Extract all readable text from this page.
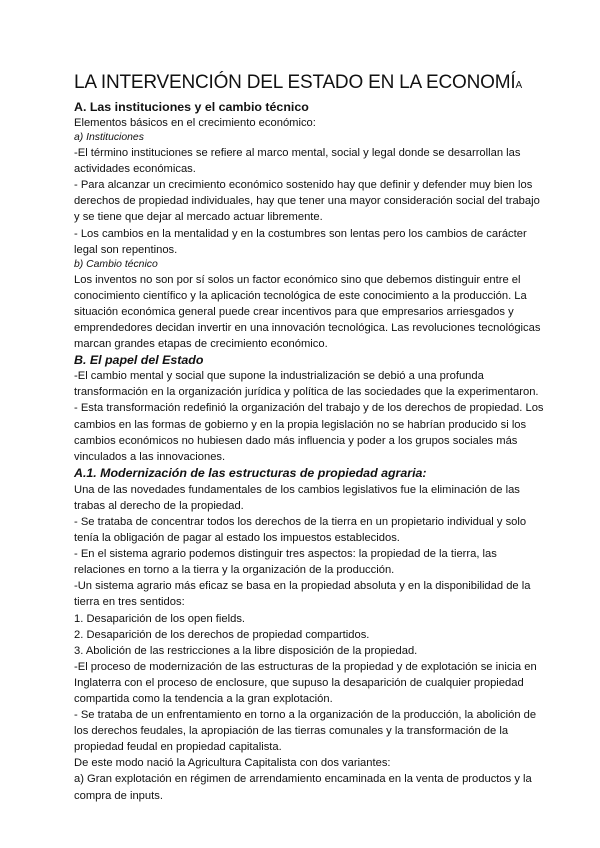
LA INTERVENCIÓN DEL ESTADO EN LA ECONOMÍA
A. Las instituciones y el cambio técnico

Elementos básicos en el crecimiento económico:

a) Instituciones

-El término instituciones se refiere al marco mental, social y legal donde se desarrollan las actividades económicas.

- Para alcanzar un crecimiento económico sostenido hay que definir y defender muy bien los derechos de propiedad individuales, hay que tener una mayor consideración social del trabajo y se tiene que dejar al mercado actuar libremente.

- Los cambios en la mentalidad y en la costumbres son lentas pero los cambios de carácter legal son repentinos.

b) Cambio técnico

Los inventos no son por sí solos un factor económico sino que debemos distinguir entre el conocimiento científico y la aplicación tecnológica de este conocimiento a la producción. La situación económica general puede crear incentivos para que empresarios arriesgados y emprendedores decidan invertir en una innovación tecnológica. Las revoluciones tecnológicas marcan grandes etapas de crecimiento económico.

B. El papel del Estado

-El cambio mental y social que supone la industrialización se debió a una profunda transformación en la organización jurídica y política de las sociedades que la experimentaron.

- Esta transformación redefinió la organización del trabajo y de los derechos de propiedad. Los cambios en las formas de gobierno y en la propia legislación no se habrían producido si los cambios económicos no hubiesen dado más influencia y poder a los grupos sociales más vinculados a las innovaciones.

A.1. Modernización de las estructuras de propiedad agraria:

Una de las novedades fundamentales de los cambios legislativos fue la eliminación de las trabas al derecho de la propiedad.

- Se trataba de concentrar todos los derechos de la tierra en un propietario individual y solo tenía la obligación de pagar al estado los impuestos establecidos.

- En el sistema agrario podemos distinguir tres aspectos: la propiedad de la tierra, las relaciones en torno a la tierra y la organización de la producción.

-Un sistema agrario más eficaz se basa en la propiedad absoluta y en la disponibilidad de la tierra en tres sentidos:

1. Desaparición de los open fields.

2. Desaparición de los derechos de propiedad compartidos.

3. Abolición de las restricciones a la libre disposición de la propiedad.

-El proceso de modernización de las estructuras de la propiedad y de explotación se inicia en Inglaterra con el proceso de enclosure, que supuso la desaparición de cualquier propiedad compartida como la tendencia a la gran explotación.

- Se trataba de un enfrentamiento en torno a la organización de la producción, la abolición de los derechos feudales, la apropiación de las tierras comunales y la transformación de la propiedad feudal en propiedad capitalista.

De este modo nació la Agricultura Capitalista con dos variantes:

a) Gran explotación en régimen de arrendamiento encaminada en la venta de productos y la compra de inputs.
